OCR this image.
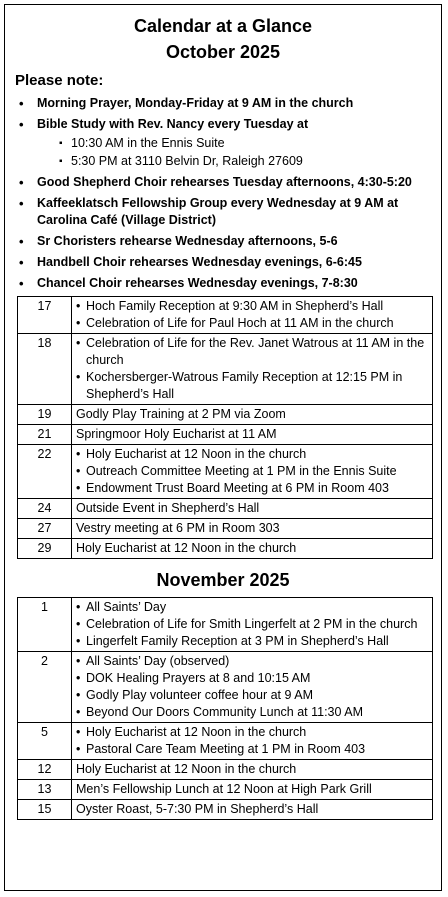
Calendar at a Glance
October 2025
Please note:
• Morning Prayer, Monday-Friday at 9 AM in the church
• Bible Study with Rev. Nancy every Tuesday at
▪ 10:30 AM in the Ennis Suite
▪ 5:30 PM at 3110 Belvin Dr, Raleigh 27609
• Good Shepherd Choir rehearses Tuesday afternoons, 4:30-5:20
• Kaffeeklatsch Fellowship Group every Wednesday at 9 AM at Carolina Café (Village District)
• Sr Choristers rehearse Wednesday afternoons, 5-6
• Handbell Choir rehearses Wednesday evenings, 6-6:45
• Chancel Choir rehearses Wednesday evenings, 7-8:30
17	• Hoch Family Reception at 9:30 AM in Shepherd’s Hall
• Celebration of Life for Paul Hoch at 11 AM in the church

18	• Celebration of Life for the Rev. Janet Watrous at 11 AM in the church
• Kochersberger-Watrous Family Reception at 12:15 PM in Shepherd’s Hall

19	Godly Play Training at 2 PM via Zoom
21	Springmoor Holy Eucharist at 11 AM
22	• Holy Eucharist at 12 Noon in the church
• Outreach Committee Meeting at 1 PM in the Ennis Suite
• Endowment Trust Board Meeting at 6 PM in Room 403

24	Outside Event in Shepherd’s Hall
27	Vestry meeting at 6 PM in Room 303
29	Holy Eucharist at 12 Noon in the church
November 2025
1	• All Saints’ Day
• Celebration of Life for Smith Lingerfelt at 2 PM in the church
• Lingerfelt Family Reception at 3 PM in Shepherd’s Hall

2	• All Saints’ Day (observed)
• DOK Healing Prayers at 8 and 10:15 AM
• Godly Play volunteer coffee hour at 9 AM
• Beyond Our Doors Community Lunch at 11:30 AM

5	• Holy Eucharist at 12 Noon in the church
• Pastoral Care Team Meeting at 1 PM in Room 403

12	Holy Eucharist at 12 Noon in the church
13	Men’s Fellowship Lunch at 12 Noon at High Park Grill
15	Oyster Roast, 5-7:30 PM in Shepherd’s Hall
